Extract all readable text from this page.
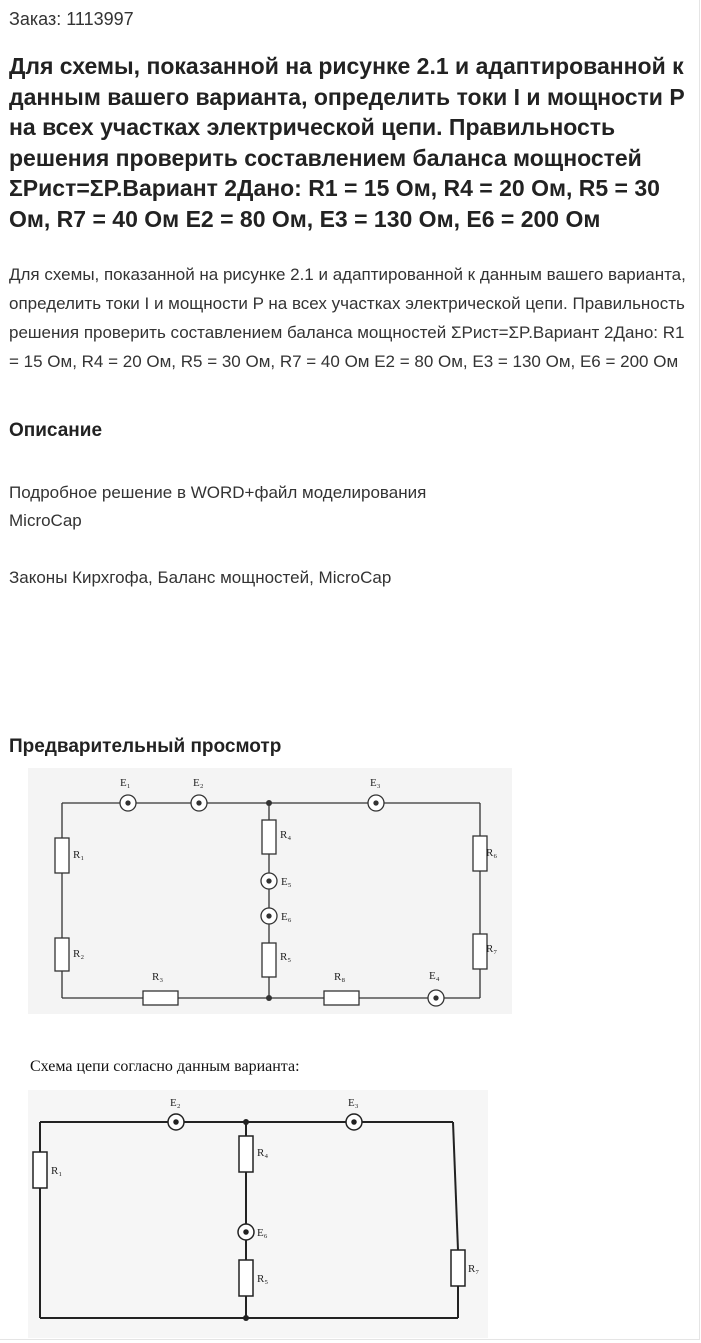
Заказ: 1113997
Для схемы, показанной на рисунке 2.1 и адаптированной к данным вашего варианта, определить токи I и мощности P на всех участках электрической цепи. Правильность решения проверить составлением баланса мощностей ΣPист=ΣP.Вариант 2Дано: R1 = 15 Ом, R4 = 20 Ом, R5 = 30 Ом, R7 = 40 Ом E2 = 80 Ом, E3 = 130 Ом, E6 = 200 Ом

Для схемы, показанной на рисунке 2.1 и адаптированной к данным вашего варианта, определить токи I и мощности P на всех участках электрической цепи. Правильность решения проверить составлением баланса мощностей ΣPист=ΣP.Вариант 2Дано: R1 = 15 Ом, R4 = 20 Ом, R5 = 30 Ом, R7 = 40 Ом E2 = 80 Ом, E3 = 130 Ом, E6 = 200 Ом

Описание

Подробное решение в WORD+файл моделирования

MicroCap

Законы Кирхгофа, Баланс мощностей, MicroCap

Предварительный просмотр
E₁	E₂	E₃
E₄
E₅
E₆
R₁
R₂
R₃
R₄
R₅
R₆
R₇
R₈
Схема цепи согласно данным варианта:
E₂	E₃
E₆
R₁
R₄
R₅
R₇
